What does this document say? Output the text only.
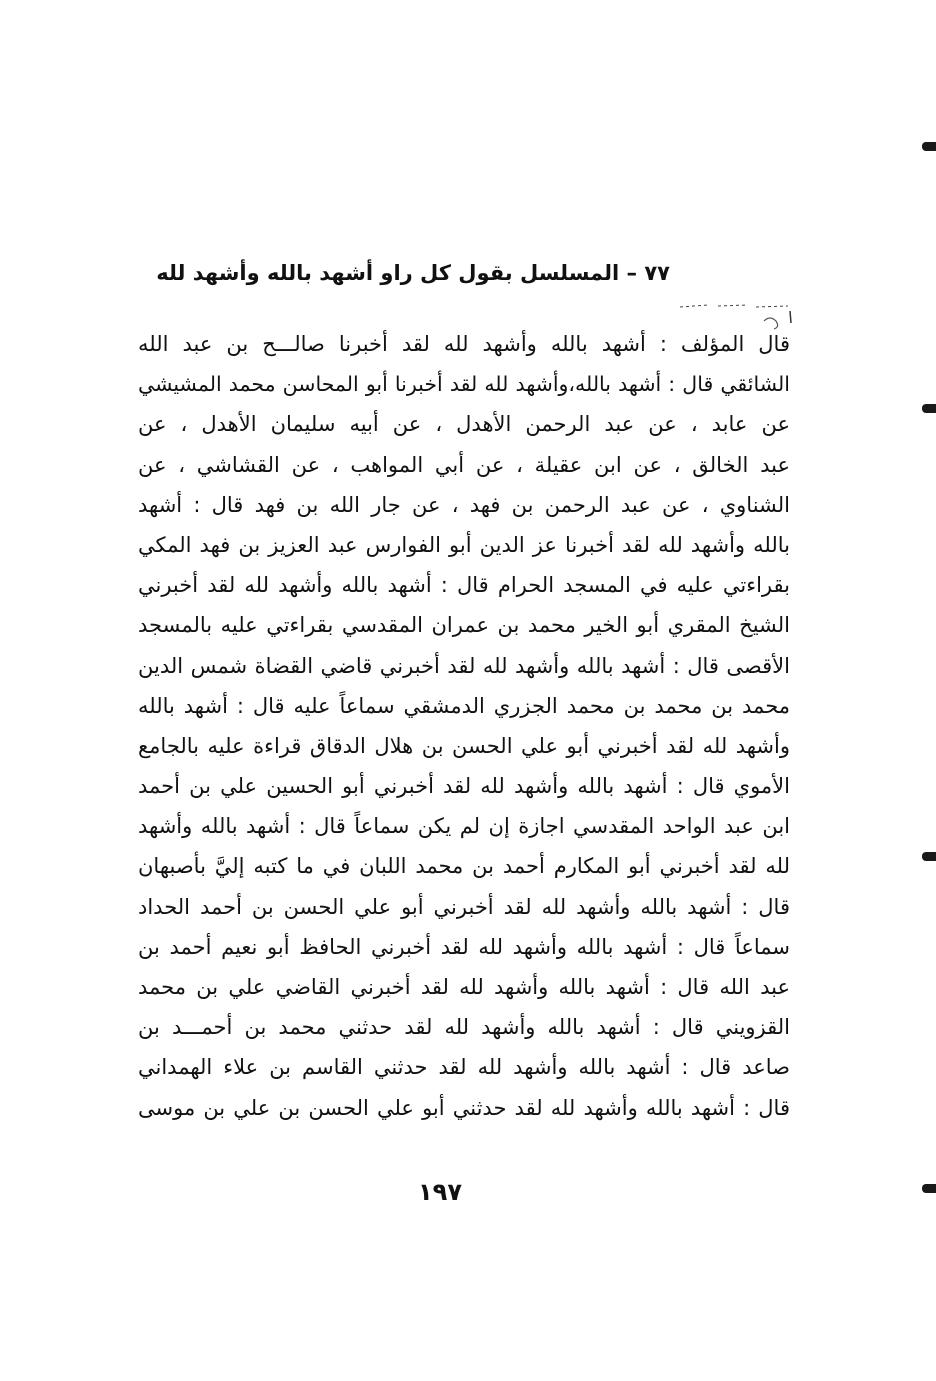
٧٧ – المسلسل بقول كل راو أشهد بالله وأشهد لله
قال المؤلف : أشهد بالله وأشهد لله لقد أخبرنا صالـــح بن عبد الله
الشائقي قال : أشهد بالله،وأشهد لله لقد أخبرنا أبو المحاسن محمد المشيشي
عن عابد ، عن عبد الرحمن الأهدل ، عن أبيه سليمان الأهدل ، عن
عبد الخالق ، عن ابن عقيلة ، عن أبي المواهب ، عن القشاشي ، عن
الشناوي ، عن عبد الرحمن بن فهد ، عن جار الله بن فهد قال : أشهد
بالله وأشهد لله لقد أخبرنا عز الدين أبو الفوارس عبد العزيز بن فهد المكي
بقراءتي عليه في المسجد الحرام قال : أشهد بالله وأشهد لله لقد أخبرني
الشيخ المقري أبو الخير محمد بن عمران المقدسي بقراءتي عليه بالمسجد
الأقصى قال : أشهد بالله وأشهد لله لقد أخبرني قاضي القضاة شمس الدين
محمد بن محمد بن محمد الجزري الدمشقي سماعاً عليه قال : أشهد بالله
وأشهد لله لقد أخبرني أبو علي الحسن بن هلال الدقاق قراءة عليه بالجامع
الأموي قال : أشهد بالله وأشهد لله لقد أخبرني أبو الحسين علي بن أحمد
ابن عبد الواحد المقدسي اجازة إن لم يكن سماعاً قال : أشهد بالله وأشهد
لله لقد أخبرني أبو المكارم أحمد بن محمد اللبان في ما كتبه إليَّ بأصبهان
قال : أشهد بالله وأشهد لله لقد أخبرني أبو علي الحسن بن أحمد الحداد
سماعاً قال : أشهد بالله وأشهد لله لقد أخبرني الحافظ أبو نعيم أحمد بن
عبد الله قال : أشهد بالله وأشهد لله لقد أخبرني القاضي علي بن محمد
القزويني قال : أشهد بالله وأشهد لله لقد حدثني محمد بن أحمـــد بن
صاعد قال : أشهد بالله وأشهد لله لقد حدثني القاسم بن علاء الهمداني
قال : أشهد بالله وأشهد لله لقد حدثني أبو علي الحسن بن علي بن موسى
١٩٧
